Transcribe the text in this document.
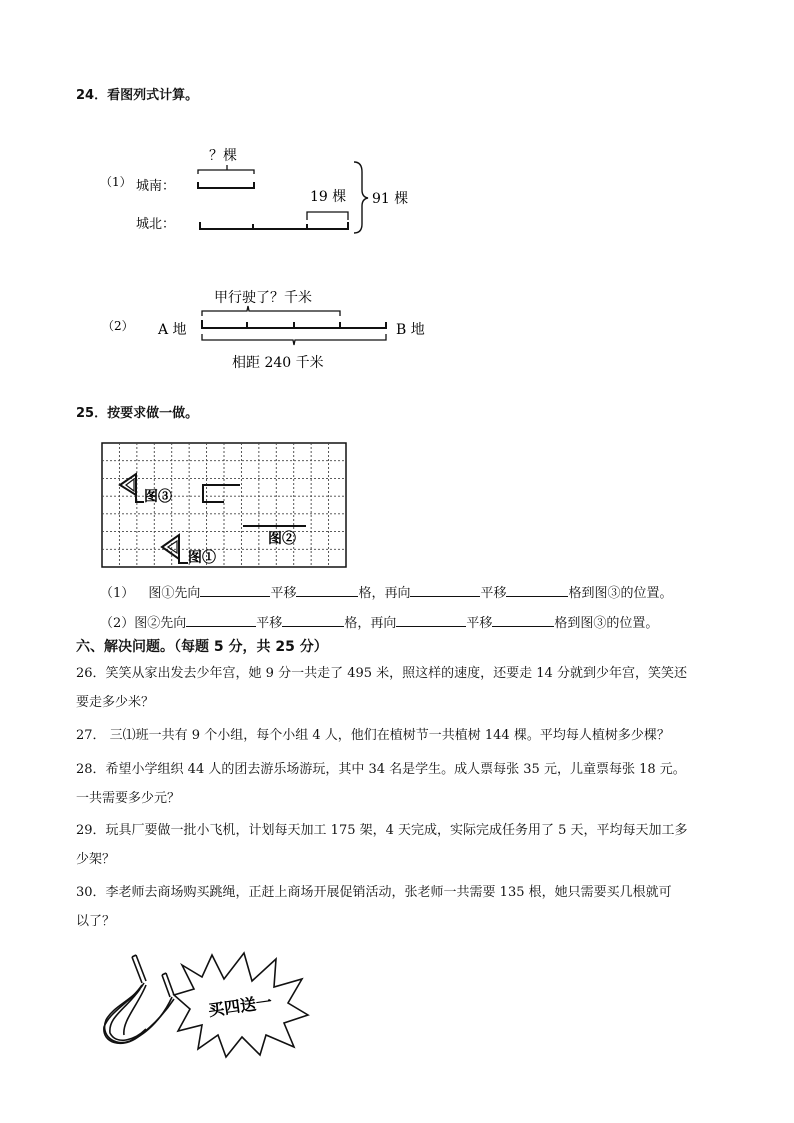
24．看图列式计算。
（1） 城南：
城北：
？棵
19 棵 91 棵
（2） A 地
甲行驶了？千米
B 地
相距 240 千米
25．按要求做一做。
图③
图②
图①
（1） 图①先向	平移	格，再向	平移	格到图③的位置。
（2）图②先向	平移	格，再向	平移	格到图③的位置。
六、解决问题。（每题 5 分，共 25 分）
26．笑笑从家出发去少年宫，她 9 分一共走了 495 米，照这样的速度，还要走 14 分就到少年宫，笑笑还
要走多少米？
27． 三⑴班一共有 9 个小组，每个小组 4 人，他们在植树节一共植树 144 棵。平均每人植树多少棵？
28．希望小学组织 44 人的团去游乐场游玩，其中 34 名是学生。成人票每张 35 元，儿童票每张 18 元。
一共需要多少元？
29．玩具厂要做一批小飞机，计划每天加工 175 架，4 天完成，实际完成任务用了 5 天，平均每天加工多
少架？
30．李老师去商场购买跳绳，正赶上商场开展促销活动，张老师一共需要 135 根，她只需要买几根就可
以了？
买四送一
